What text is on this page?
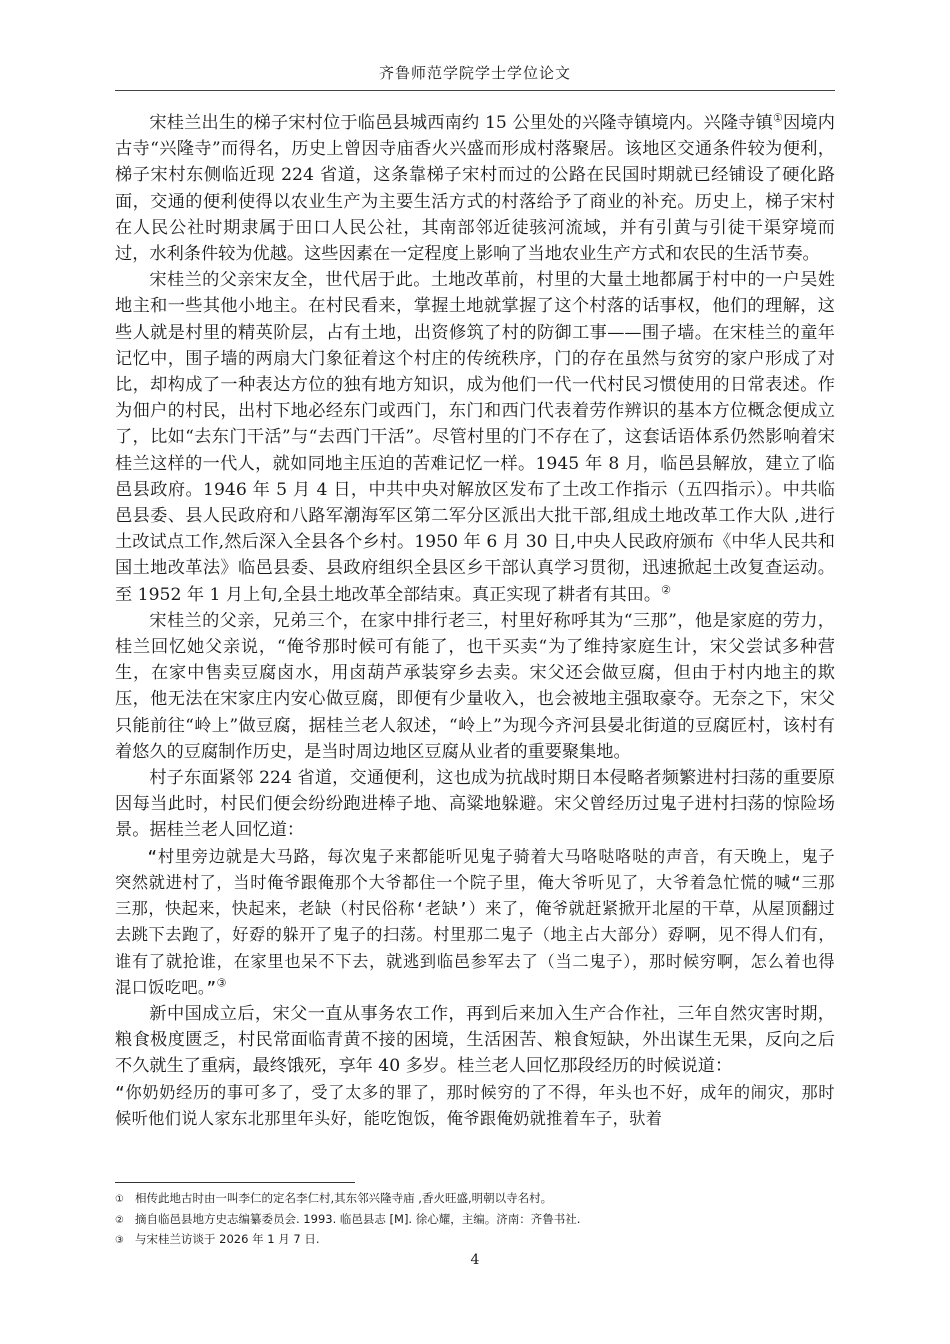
齐鲁师范学院学士学位论文

宋桂兰出生的梯子宋村位于临邑县城西南约 15 公里处的兴隆寺镇境内。兴隆寺镇①因境内古寺“兴隆寺”而得名，历史上曾因寺庙香火兴盛而形成村落聚居。该地区交通条件较为便利，梯子宋村东侧临近现 224 省道，这条靠梯子宋村而过的公路在民国时期就已经铺设了硬化路面，交通的便利使得以农业生产为主要生活方式的村落给予了商业的补充。历史上，梯子宋村在人民公社时期隶属于田口人民公社，其南部邻近徒骇河流域，并有引黄与引徒干渠穿境而过，水利条件较为优越。这些因素在一定程度上影响了当地农业生产方式和农民的生活节奏。

宋桂兰的父亲宋友全，世代居于此。土地改革前，村里的大量土地都属于村中的一户吴姓地主和一些其他小地主。在村民看来，掌握土地就掌握了这个村落的话事权，他们的理解，这些人就是村里的精英阶层，占有土地，出资修筑了村的防御工事——围子墙。在宋桂兰的童年记忆中，围子墙的两扇大门象征着这个村庄的传统秩序，门的存在虽然与贫穷的家户形成了对比，却构成了一种表达方位的独有地方知识，成为他们一代一代村民习惯使用的日常表述。作为佃户的村民，出村下地必经东门或西门，东门和西门代表着劳作辨识的基本方位概念便成立了，比如“去东门干活”与“去西门干活”。尽管村里的门不存在了，这套话语体系仍然影响着宋桂兰这样的一代人，就如同地主压迫的苦难记忆一样。1945 年 8 月，临邑县解放，建立了临邑县政府。1946 年 5 月 4 日，中共中央对解放区发布了土改工作指示（五四指示）。中共临邑县委、县人民政府和八路军潮海军区第二军分区派出大批干部,组成土地改革工作大队 ,进行土改试点工作,然后深入全县各个乡村。1950 年 6 月 30 日,中央人民政府颁布《中华人民共和国土地改革法》临邑县委、县政府组织全县区乡干部认真学习贯彻，迅速掀起土改复查运动。至 1952 年 1 月上旬,全县土地改革全部结束。真正实现了耕者有其田。②

宋桂兰的父亲，兄弟三个，在家中排行老三，村里好称呼其为“三那”，他是家庭的劳力，桂兰回忆她父亲说，“俺爷那时候可有能了，也干买卖“为了维持家庭生计，宋父尝试多种营生，在家中售卖豆腐卤水，用卤葫芦承装穿乡去卖。宋父还会做豆腐，但由于村内地主的欺压，他无法在宋家庄内安心做豆腐，即便有少量收入，也会被地主强取豪夺。无奈之下，宋父只能前往“岭上”做豆腐，据桂兰老人叙述，“岭上”为现今齐河县晏北街道的豆腐匠村，该村有着悠久的豆腐制作历史，是当时周边地区豆腐从业者的重要聚集地。

村子东面紧邻 224 省道，交通便利，这也成为抗战时期日本侵略者频繁进村扫荡的重要原因每当此时，村民们便会纷纷跑进棒子地、高粱地躲避。宋父曾经历过鬼子进村扫荡的惊险场景。据桂兰老人回忆道：

“村里旁边就是大马路，每次鬼子来都能听见鬼子骑着大马咯哒咯哒的声音，有天晚上，鬼子突然就进村了，当时俺爷跟俺那个大爷都住一个院子里，俺大爷听见了，大爷着急忙慌的喊“三那三那，快起来，快起来，老缺（村民俗称‘老缺’）来了，俺爷就赶紧掀开北屋的干草，从屋顶翻过去跳下去跑了，好孬的躲开了鬼子的扫荡。村里那二鬼子（地主占大部分）孬啊，见不得人们有，谁有了就抢谁，在家里也呆不下去，就逃到临邑参军去了（当二鬼子），那时候穷啊，怎么着也得混口饭吃吧。”③

新中国成立后，宋父一直从事务农工作，再到后来加入生产合作社，三年自然灾害时期，粮食极度匮乏，村民常面临青黄不接的困境，生活困苦、粮食短缺，外出谋生无果，反向之后不久就生了重病，最终饿死，享年 40 多岁。桂兰老人回忆那段经历的时候说道：

“你奶奶经历的事可多了，受了太多的罪了，那时候穷的了不得，年头也不好，成年的闹灾，那时候听他们说人家东北那里年头好，能吃饱饭，俺爷跟俺奶就推着车子，驮着

① 相传此地古时由一叫李仁的定名李仁村,其东邻兴隆寺庙 ,香火旺盛,明朝以寺名村。
② 摘自临邑县地方史志编纂委员会. 1993. 临邑县志 [M]. 徐心耀，主编。济南：齐鲁书社.
③ 与宋桂兰访谈于 2026 年 1 月 7 日.
4
